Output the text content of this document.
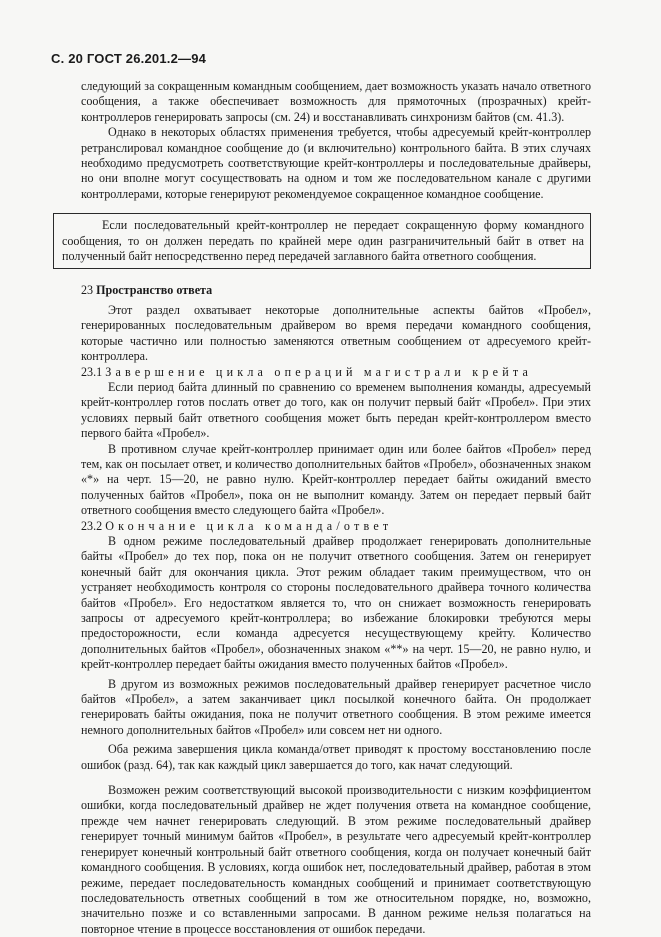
С. 20 ГОСТ 26.201.2—94

следующий за сокращенным командным сообщением, дает возможность указать начало ответного сообщения, а также обеспечивает возможность для прямоточных (прозрачных) крейт-контроллеров генерировать запросы (см. 24) и восстанавливать синхронизм байтов (см. 41.3).

Однако в некоторых областях применения требуется, чтобы адресуемый крейт-контроллер ретранслировал командное сообщение до (и включительно) контрольного байта. В этих случаях необходимо предусмотреть соответствующие крейт-контроллеры и последовательные драйверы, но они вполне могут сосуществовать на одном и том же последовательном канале с другими контроллерами, которые генерируют рекомендуемое сокращенное командное сообщение.

Если последовательный крейт-контроллер не передает сокращенную форму командного сообщения, то он должен передать по крайней мере один разграничительный байт в ответ на полученный байт непосредственно перед передачей заглавного байта ответного сообщения.

23 Пространство ответа

Этот раздел охватывает некоторые дополнительные аспекты байтов «Пробел», генерированных последовательным драйвером во время передачи командного сообщения, которые частично или полностью заменяются ответным сообщением от адресуемого крейт-контроллера.

23.1 Завершение цикла операций магистрали крейта

Если период байта длинный по сравнению со временем выполнения команды, адресуемый крейт-контроллер готов послать ответ до того, как он получит первый байт «Пробел». При этих условиях первый байт ответного сообщения может быть передан крейт-контроллером вместо первого байта «Пробел».

В противном случае крейт-контроллер принимает один или более байтов «Пробел» перед тем, как он посылает ответ, и количество дополнительных байтов «Пробел», обозначенных знаком «*» на черт. 15—20, не равно нулю. Крейт-контроллер передает байты ожиданий вместо полученных байтов «Пробел», пока он не выполнит команду. Затем он передает первый байт ответного сообщения вместо следующего байта «Пробел».

23.2 Окончание цикла команда/ответ

В одном режиме последовательный драйвер продолжает генерировать дополнительные байты «Пробел» до тех пор, пока он не получит ответного сообщения. Затем он генерирует конечный байт для окончания цикла. Этот режим обладает таким преимуществом, что он устраняет необходимость контроля со стороны последовательного драйвера точного количества байтов «Пробел». Его недостатком является то, что он снижает возможность генерировать запросы от адресуемого крейт-контроллера; во избежание блокировки требуются меры предосторожности, если команда адресуется несуществующему крейту. Количество дополнительных байтов «Пробел», обозначенных знаком «**» на черт. 15—20, не равно нулю, и крейт-контроллер передает байты ожидания вместо полученных байтов «Пробел».

В другом из возможных режимов последовательный драйвер генерирует расчетное число байтов «Пробел», а затем заканчивает цикл посылкой конечного байта. Он продолжает генерировать байты ожидания, пока не получит ответного сообщения. В этом режиме имеется немного дополнительных байтов «Пробел» или совсем нет ни одного.

Оба режима завершения цикла команда/ответ приводят к простому восстановлению после ошибок (разд. 64), так как каждый цикл завершается до того, как начат следующий.

Возможен режим соответствующий высокой производительности с низким коэффициентом ошибки, когда последовательный драйвер не ждет получения ответа на командное сообщение, прежде чем начнет генерировать следующий. В этом режиме последовательный драйвер генерирует точный минимум байтов «Пробел», в результате чего адресуемый крейт-контроллер генерирует конечный контрольный байт ответного сообщения, когда он получает конечный байт командного сообщения. В условиях, когда ошибок нет, последовательный драйвер, работая в этом режиме, передает последовательность командных сообщений и принимает соответствующую последовательность ответных сообщений в том же относительном порядке, но, возможно, значительно позже и со вставленными запросами. В данном режиме нельзя полагаться на повторное чтение в процессе восстановления от ошибок передачи.
